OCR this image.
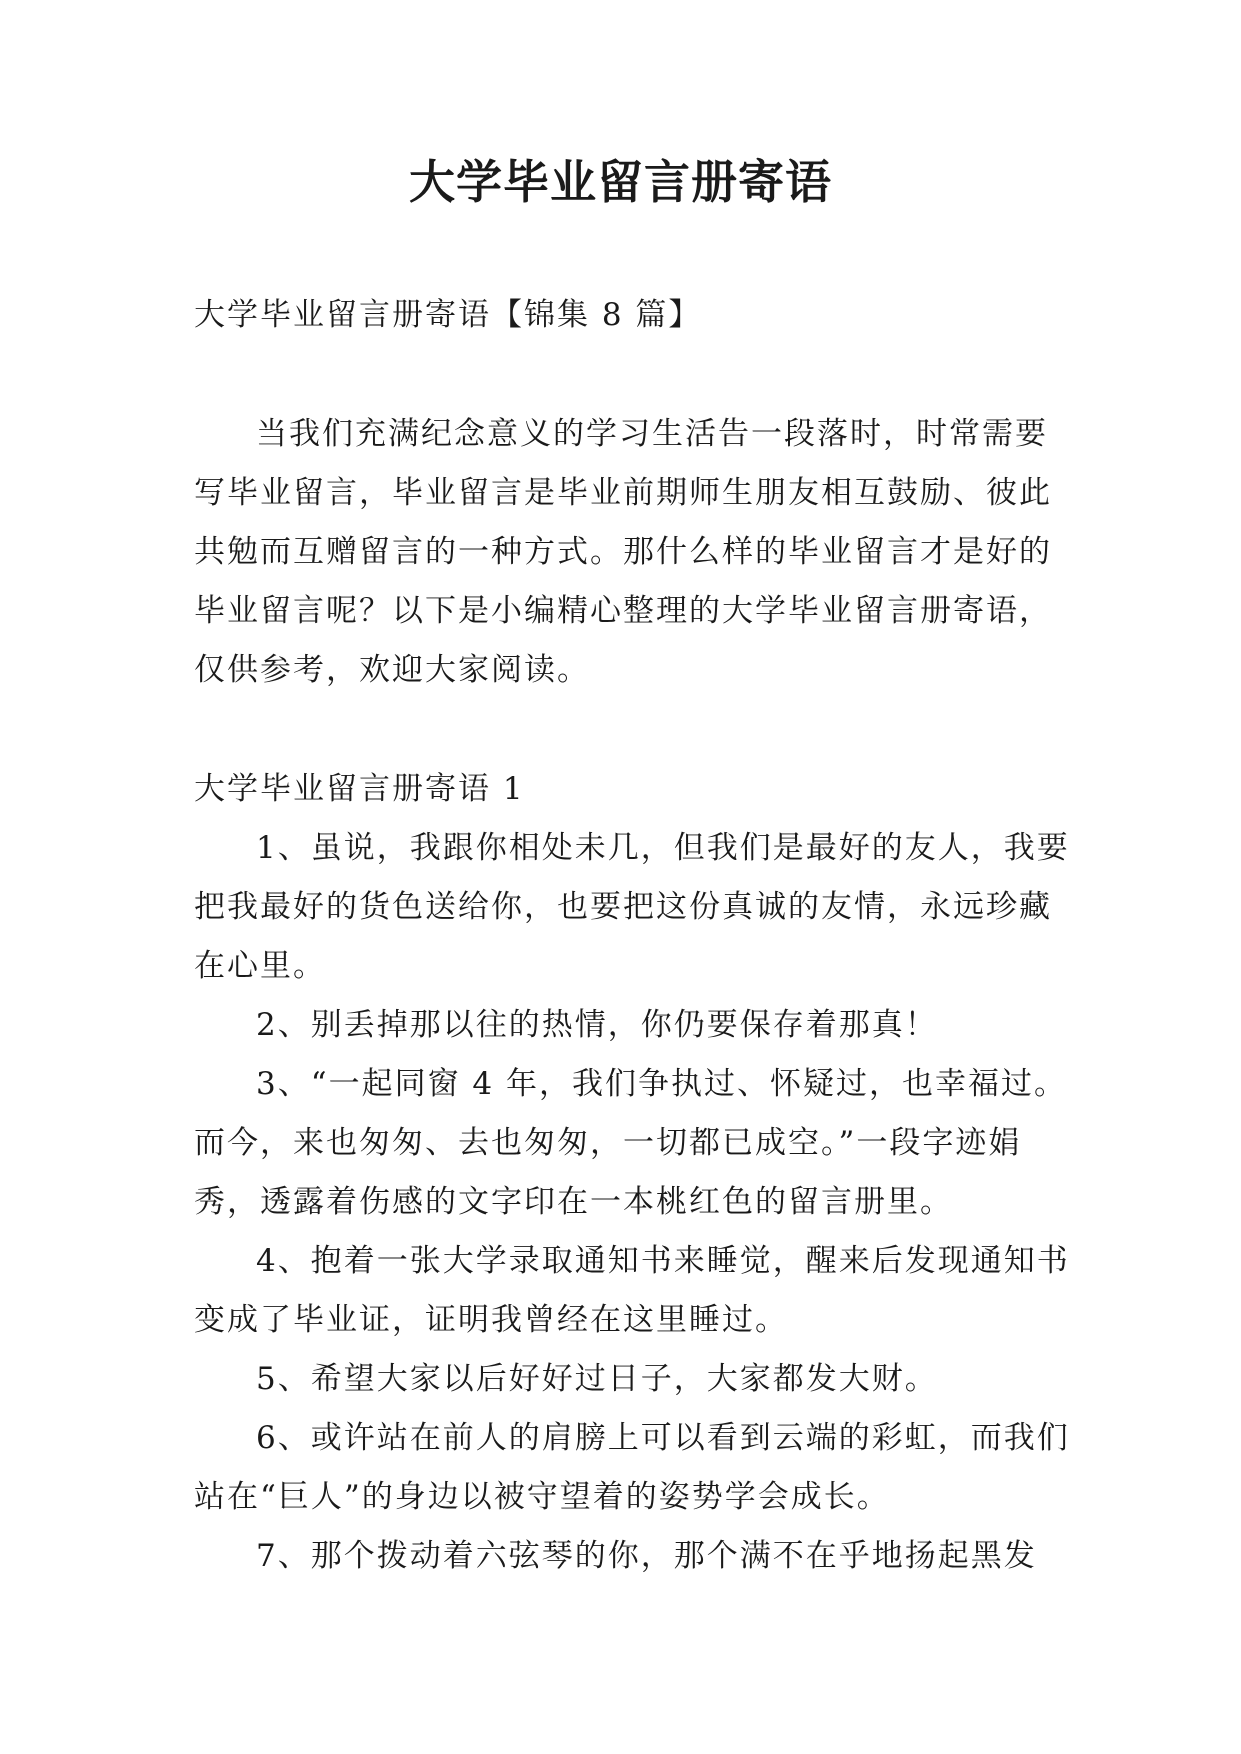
大学毕业留言册寄语

大学毕业留言册寄语【锦集 8 篇】

当我们充满纪念意义的学习生活告一段落时，时常需要写毕业留言，毕业留言是毕业前期师生朋友相互鼓励、彼此共勉而互赠留言的一种方式。那什么样的毕业留言才是好的毕业留言呢？以下是小编精心整理的大学毕业留言册寄语，仅供参考，欢迎大家阅读。

大学毕业留言册寄语 1

1、虽说，我跟你相处未几，但我们是最好的友人，我要把我最好的货色送给你，也要把这份真诚的友情，永远珍藏在心里。

2、别丢掉那以往的热情，你仍要保存着那真！

3、“一起同窗 4 年，我们争执过、怀疑过，也幸福过。而今，来也匆匆、去也匆匆，一切都已成空。”一段字迹娟秀，透露着伤感的文字印在一本桃红色的留言册里。

4、抱着一张大学录取通知书来睡觉，醒来后发现通知书变成了毕业证，证明我曾经在这里睡过。

5、希望大家以后好好过日子，大家都发大财。

6、或许站在前人的肩膀上可以看到云端的彩虹，而我们站在“巨人”的身边以被守望着的姿势学会成长。

7、那个拨动着六弦琴的你，那个满不在乎地扬起黑发
